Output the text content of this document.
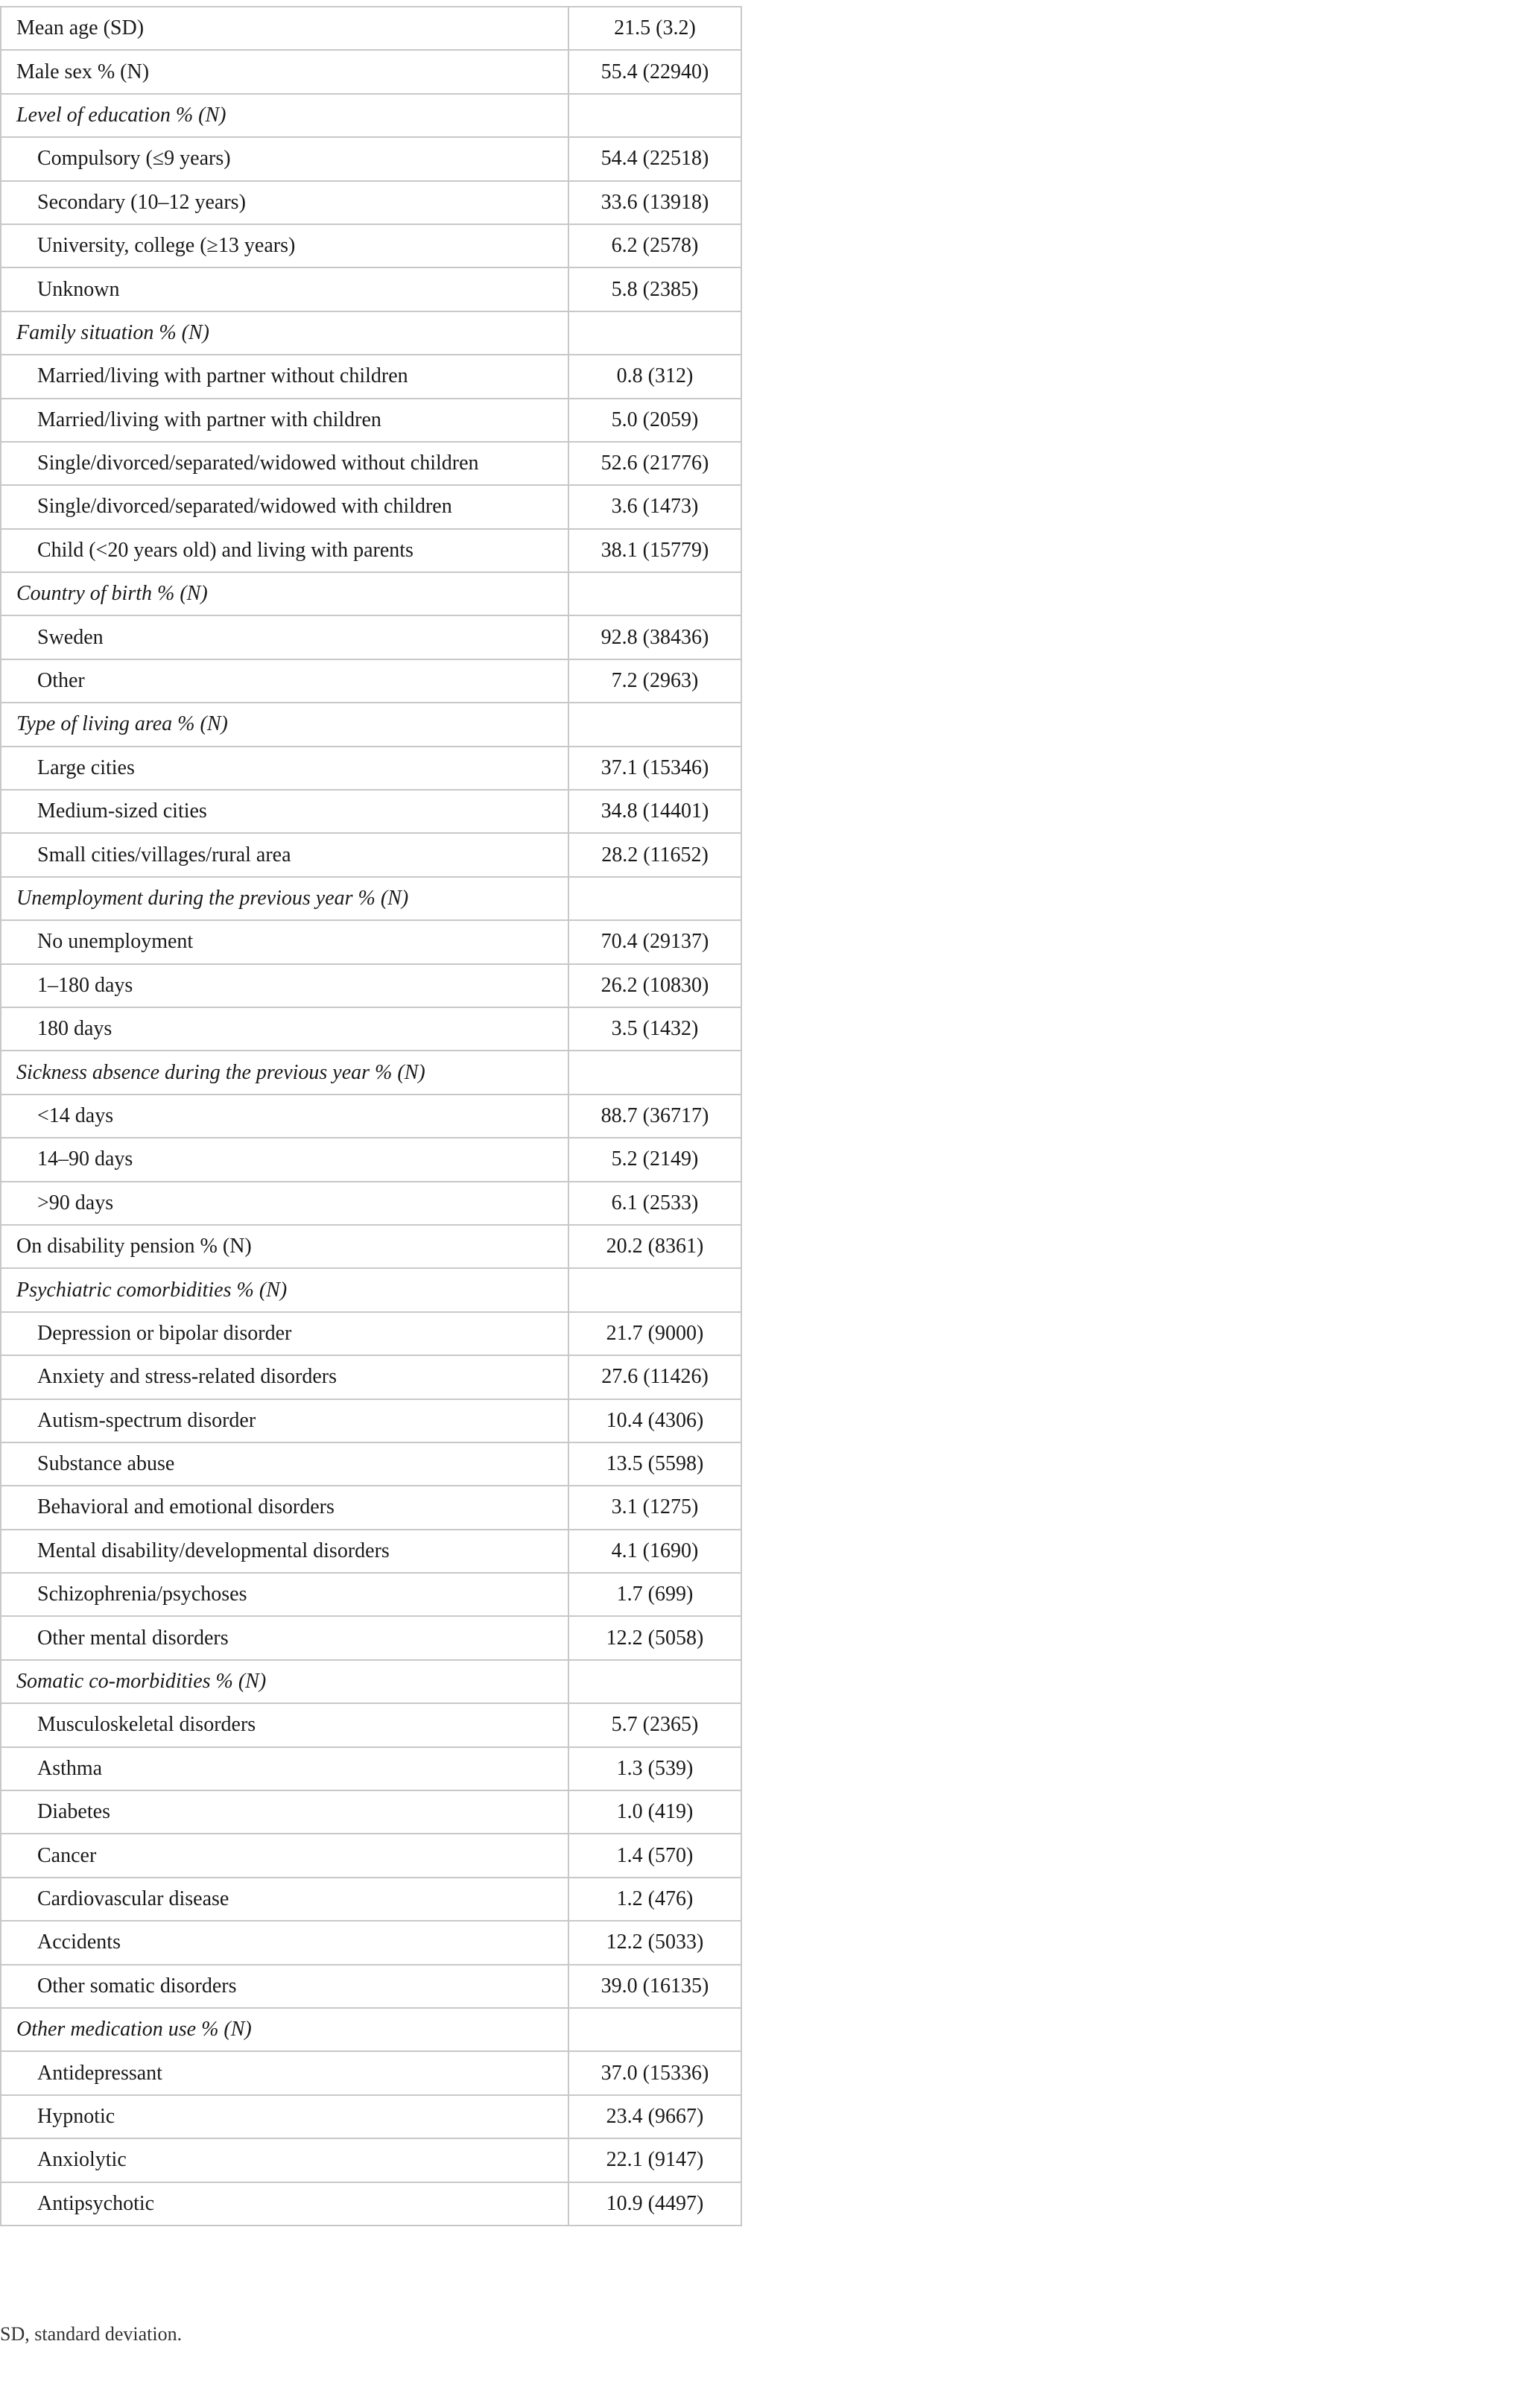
Mean age (SD)	21.5 (3.2)
Male sex % (N)	55.4 (22940)
Level of education % (N)	
Compulsory (≤9 years)	54.4 (22518)
Secondary (10–12 years)	33.6 (13918)
University, college (≥13 years)	6.2 (2578)
Unknown	5.8 (2385)
Family situation % (N)	
Married/living with partner without children	0.8 (312)
Married/living with partner with children	5.0 (2059)
Single/divorced/separated/widowed without children	52.6 (21776)
Single/divorced/separated/widowed with children	3.6 (1473)
Child (<20 years old) and living with parents	38.1 (15779)
Country of birth % (N)	
Sweden	92.8 (38436)
Other	7.2 (2963)
Type of living area % (N)	
Large cities	37.1 (15346)
Medium-sized cities	34.8 (14401)
Small cities/villages/rural area	28.2 (11652)
Unemployment during the previous year % (N)	
No unemployment	70.4 (29137)
1–180 days	26.2 (10830)
180 days	3.5 (1432)
Sickness absence during the previous year % (N)	
<14 days	88.7 (36717)
14–90 days	5.2 (2149)
>90 days	6.1 (2533)
On disability pension % (N)	20.2 (8361)
Psychiatric comorbidities % (N)	
Depression or bipolar disorder	21.7 (9000)
Anxiety and stress-related disorders	27.6 (11426)
Autism-spectrum disorder	10.4 (4306)
Substance abuse	13.5 (5598)
Behavioral and emotional disorders	3.1 (1275)
Mental disability/developmental disorders	4.1 (1690)
Schizophrenia/psychoses	1.7 (699)
Other mental disorders	12.2 (5058)
Somatic co-morbidities % (N)	
Musculoskeletal disorders	5.7 (2365)
Asthma	1.3 (539)
Diabetes	1.0 (419)
Cancer	1.4 (570)
Cardiovascular disease	1.2 (476)
Accidents	12.2 (5033)
Other somatic disorders	39.0 (16135)
Other medication use % (N)	
Antidepressant	37.0 (15336)
Hypnotic	23.4 (9667)
Anxiolytic	22.1 (9147)
Antipsychotic	10.9 (4497)
SD, standard deviation.
